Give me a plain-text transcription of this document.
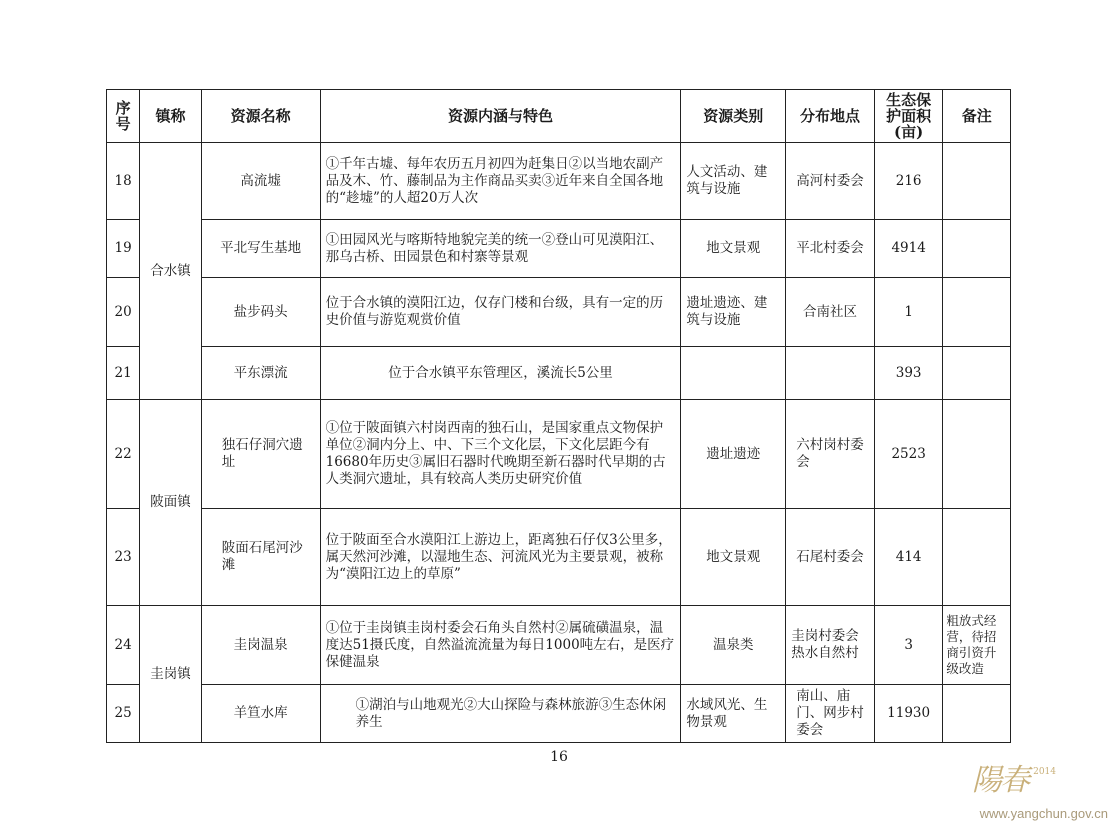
序号	镇称	资源名称	资源内涵与特色	资源类别	分布地点	生态保护面积(亩)	备注
18	合水镇	高流墟	①千年古墟、每年农历五月初四为赶集日②以当地农副产品及木、竹、藤制品为主作商品买卖③近年来自全国各地的“趁墟”的人超20万人次	人文活动、建筑与设施	高河村委会	216	
19		平北写生基地	①田园风光与喀斯特地貌完美的统一②登山可见漠阳江、那乌古桥、田园景色和村寨等景观	地文景观	平北村委会	4914	
20		盐步码头	位于合水镇的漠阳江边，仅存门楼和台级，具有一定的历史价值与游览观赏价值	遗址遗迹、建筑与设施	合南社区	1	
21		平东漂流	位于合水镇平东管理区，溪流长5公里			393	
22	陂面镇	独石仔洞穴遗址	①位于陂面镇六村岗西南的独石山，是国家重点文物保护单位②洞内分上、中、下三个文化层，下文化层距今有16680年历史③属旧石器时代晚期至新石器时代早期的古人类洞穴遗址，具有较高人类历史研究价值	遗址遗迹	六村岗村委会	2523	
23		陂面石尾河沙滩	位于陂面至合水漠阳江上游边上，距离独石仔仅3公里多，属天然河沙滩，以湿地生态、河流风光为主要景观，被称为“漠阳江边上的草原”	地文景观	石尾村委会	414	
24	圭岗镇	圭岗温泉	①位于圭岗镇圭岗村委会石角头自然村②属硫磺温泉，温度达51摄氏度，自然溢流流量为每日1000吨左右，是医疗保健温泉	温泉类	圭岗村委会热水自然村	3	粗放式经营，待招商引资升级改造
25		羊笪水库	①湖泊与山地观光②大山探险与森林旅游③生态休闲养生	水域风光、生物景观	南山、庙门、网步村委会	11930	
16
陽春 2014
www.yangchun.gov.cn
